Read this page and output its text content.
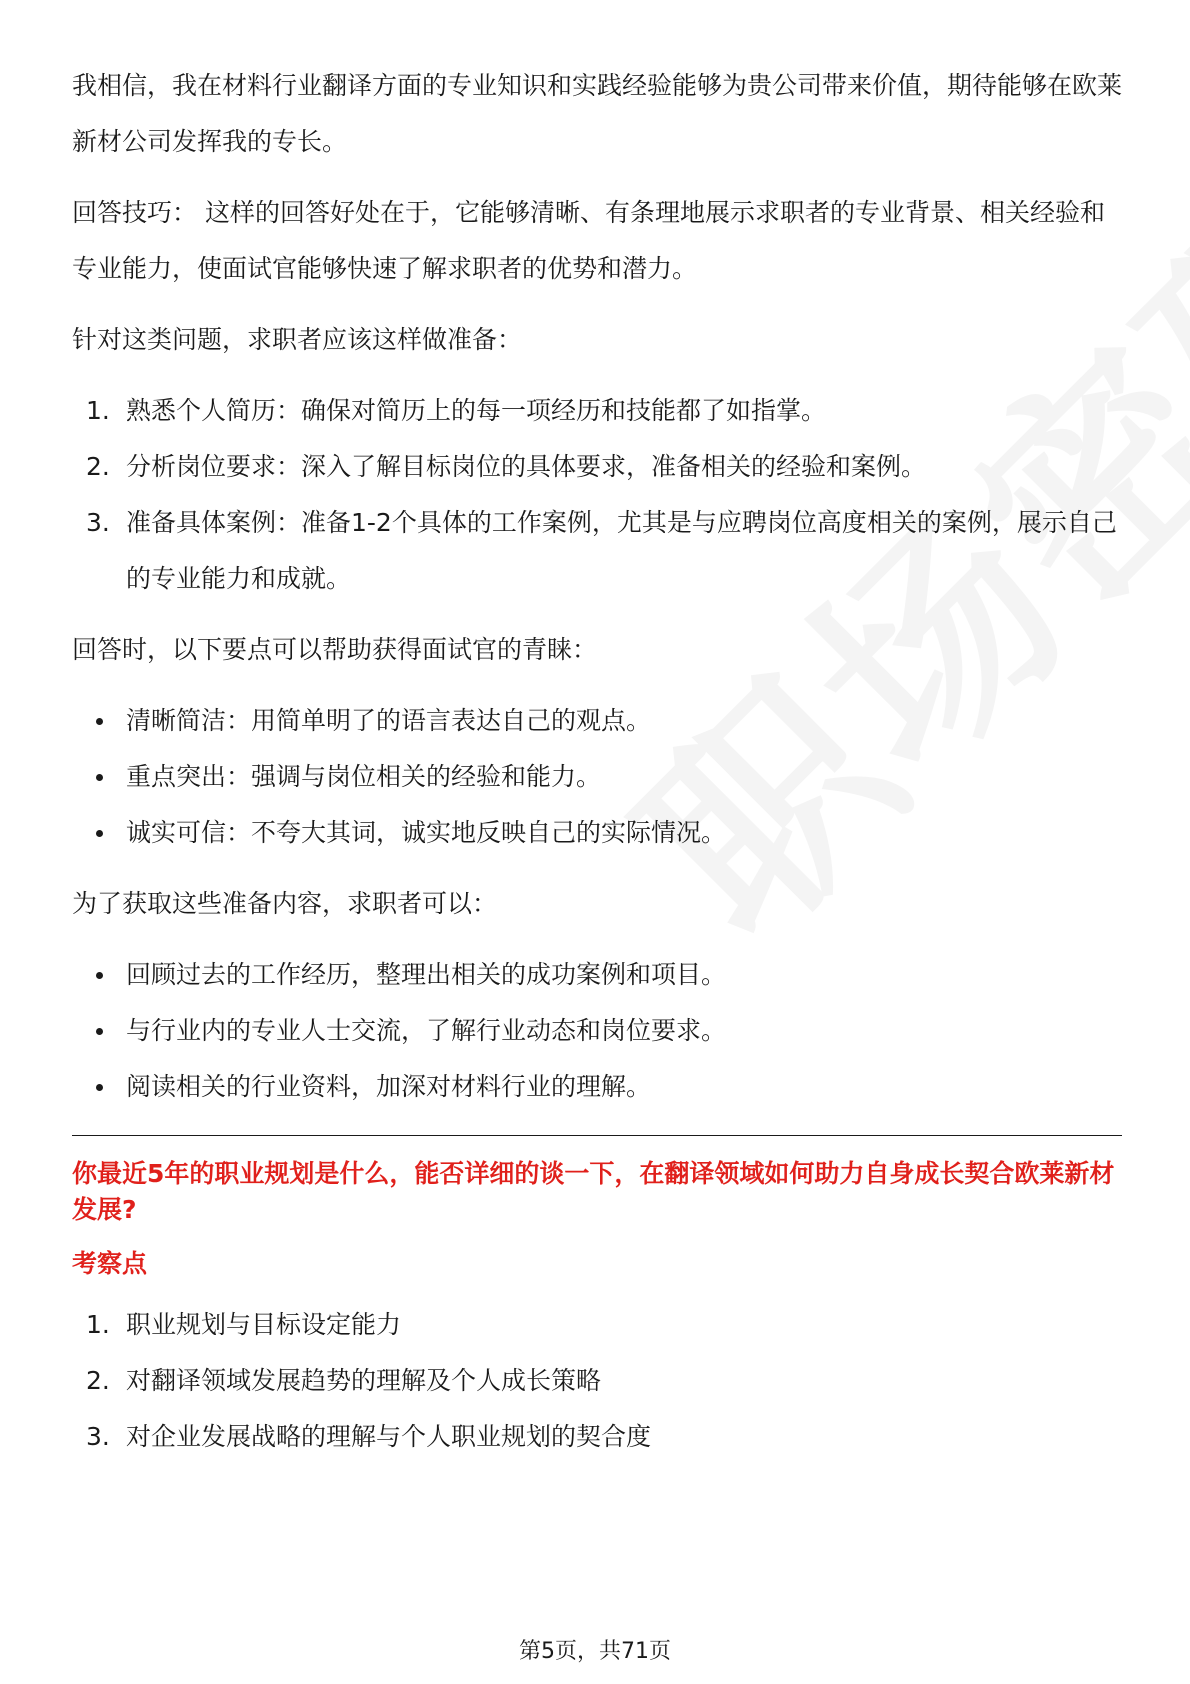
我相信，我在材料行业翻译方面的专业知识和实践经验能够为贵公司带来价值，期待能够在欧莱新材公司发挥我的专长。

回答技巧： 这样的回答好处在于，它能够清晰、有条理地展示求职者的专业背景、相关经验和专业能力，使面试官能够快速了解求职者的优势和潜力。

针对这类问题，求职者应该这样做准备：

1. 熟悉个人简历：确保对简历上的每一项经历和技能都了如指掌。
2. 分析岗位要求：深入了解目标岗位的具体要求，准备相关的经验和案例。
3. 准备具体案例：准备1-2个具体的工作案例，尤其是与应聘岗位高度相关的案例，展示自己的专业能力和成就。

回答时，以下要点可以帮助获得面试官的青睐：

清晰简洁：用简单明了的语言表达自己的观点。
重点突出：强调与岗位相关的经验和能力。
诚实可信：不夸大其词，诚实地反映自己的实际情况。

为了获取这些准备内容，求职者可以：

回顾过去的工作经历，整理出相关的成功案例和项目。
与行业内的专业人士交流，了解行业动态和岗位要求。
阅读相关的行业资料，加深对材料行业的理解。
你最近5年的职业规划是什么，能否详细的谈一下，在翻译领域如何助力自身成长契合欧莱新材发展?
考察点
1. 职业规划与目标设定能力
2. 对翻译领域发展趋势的理解及个人成长策略
3. 对企业发展战略的理解与个人职业规划的契合度
第5页，共71页
